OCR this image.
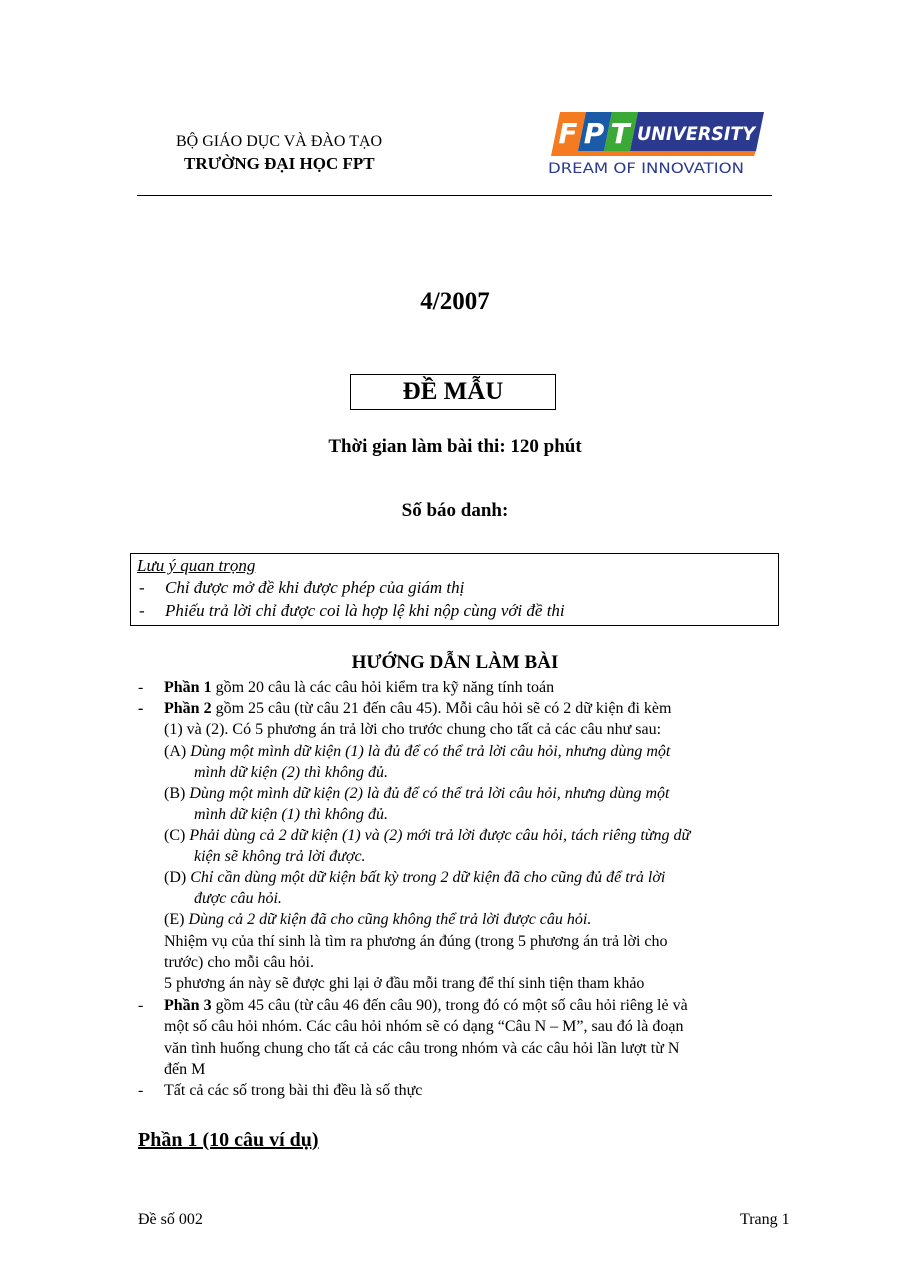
BỘ GIÁO DỤC VÀ ĐÀO TẠO
TRƯỜNG ĐẠI HỌC FPT
F P T UNIVERSITY
DREAM OF INNOVATION
4/2007
ĐỀ MẪU
Thời gian làm bài thi: 120 phút
Số báo danh:
Lưu ý quan trọng
- Chỉ được mở đề khi được phép của giám thị
- Phiếu trả lời chỉ được coi là hợp lệ khi nộp cùng với đề thi
HƯỚNG DẪN LÀM BÀI
- Phần 1 gồm 20 câu là các câu hỏi kiểm tra kỹ năng tính toán
- Phần 2 gồm 25 câu (từ câu 21 đến câu 45). Mỗi câu hỏi sẽ có 2 dữ kiện đi kèm
(1) và (2). Có 5 phương án trả lời cho trước chung cho tất cả các câu như sau:
(A) Dùng một mình dữ kiện (1) là đủ để có thể trả lời câu hỏi, nhưng dùng một
mình dữ kiện (2) thì không đủ.
(B) Dùng một mình dữ kiện (2) là đủ để có thể trả lời câu hỏi, nhưng dùng một
mình dữ kiện (1) thì không đủ.
(C) Phải dùng cả 2 dữ kiện (1) và (2) mới trả lời được câu hỏi, tách riêng từng dữ
kiện sẽ không trả lời được.
(D) Chỉ cần dùng một dữ kiện bất kỳ trong 2 dữ kiện đã cho cũng đủ để trả lời
được câu hỏi.
(E) Dùng cả 2 dữ kiện đã cho cũng không thể trả lời được câu hỏi.
Nhiệm vụ của thí sinh là tìm ra phương án đúng (trong 5 phương án trả lời cho
trước) cho mỗi câu hỏi.
5 phương án này sẽ được ghi lại ở đầu mỗi trang để thí sinh tiện tham khảo
- Phần 3 gồm 45 câu (từ câu 46 đến câu 90), trong đó có một số câu hỏi riêng lẻ và
một số câu hỏi nhóm. Các câu hỏi nhóm sẽ có dạng “Câu N – M”, sau đó là đoạn
văn tình huống chung cho tất cả các câu trong nhóm và các câu hỏi lần lượt từ N
đến M
- Tất cả các số trong bài thi đều là số thực
Phần 1 (10 câu ví dụ)
Đề số 002	Trang 1
